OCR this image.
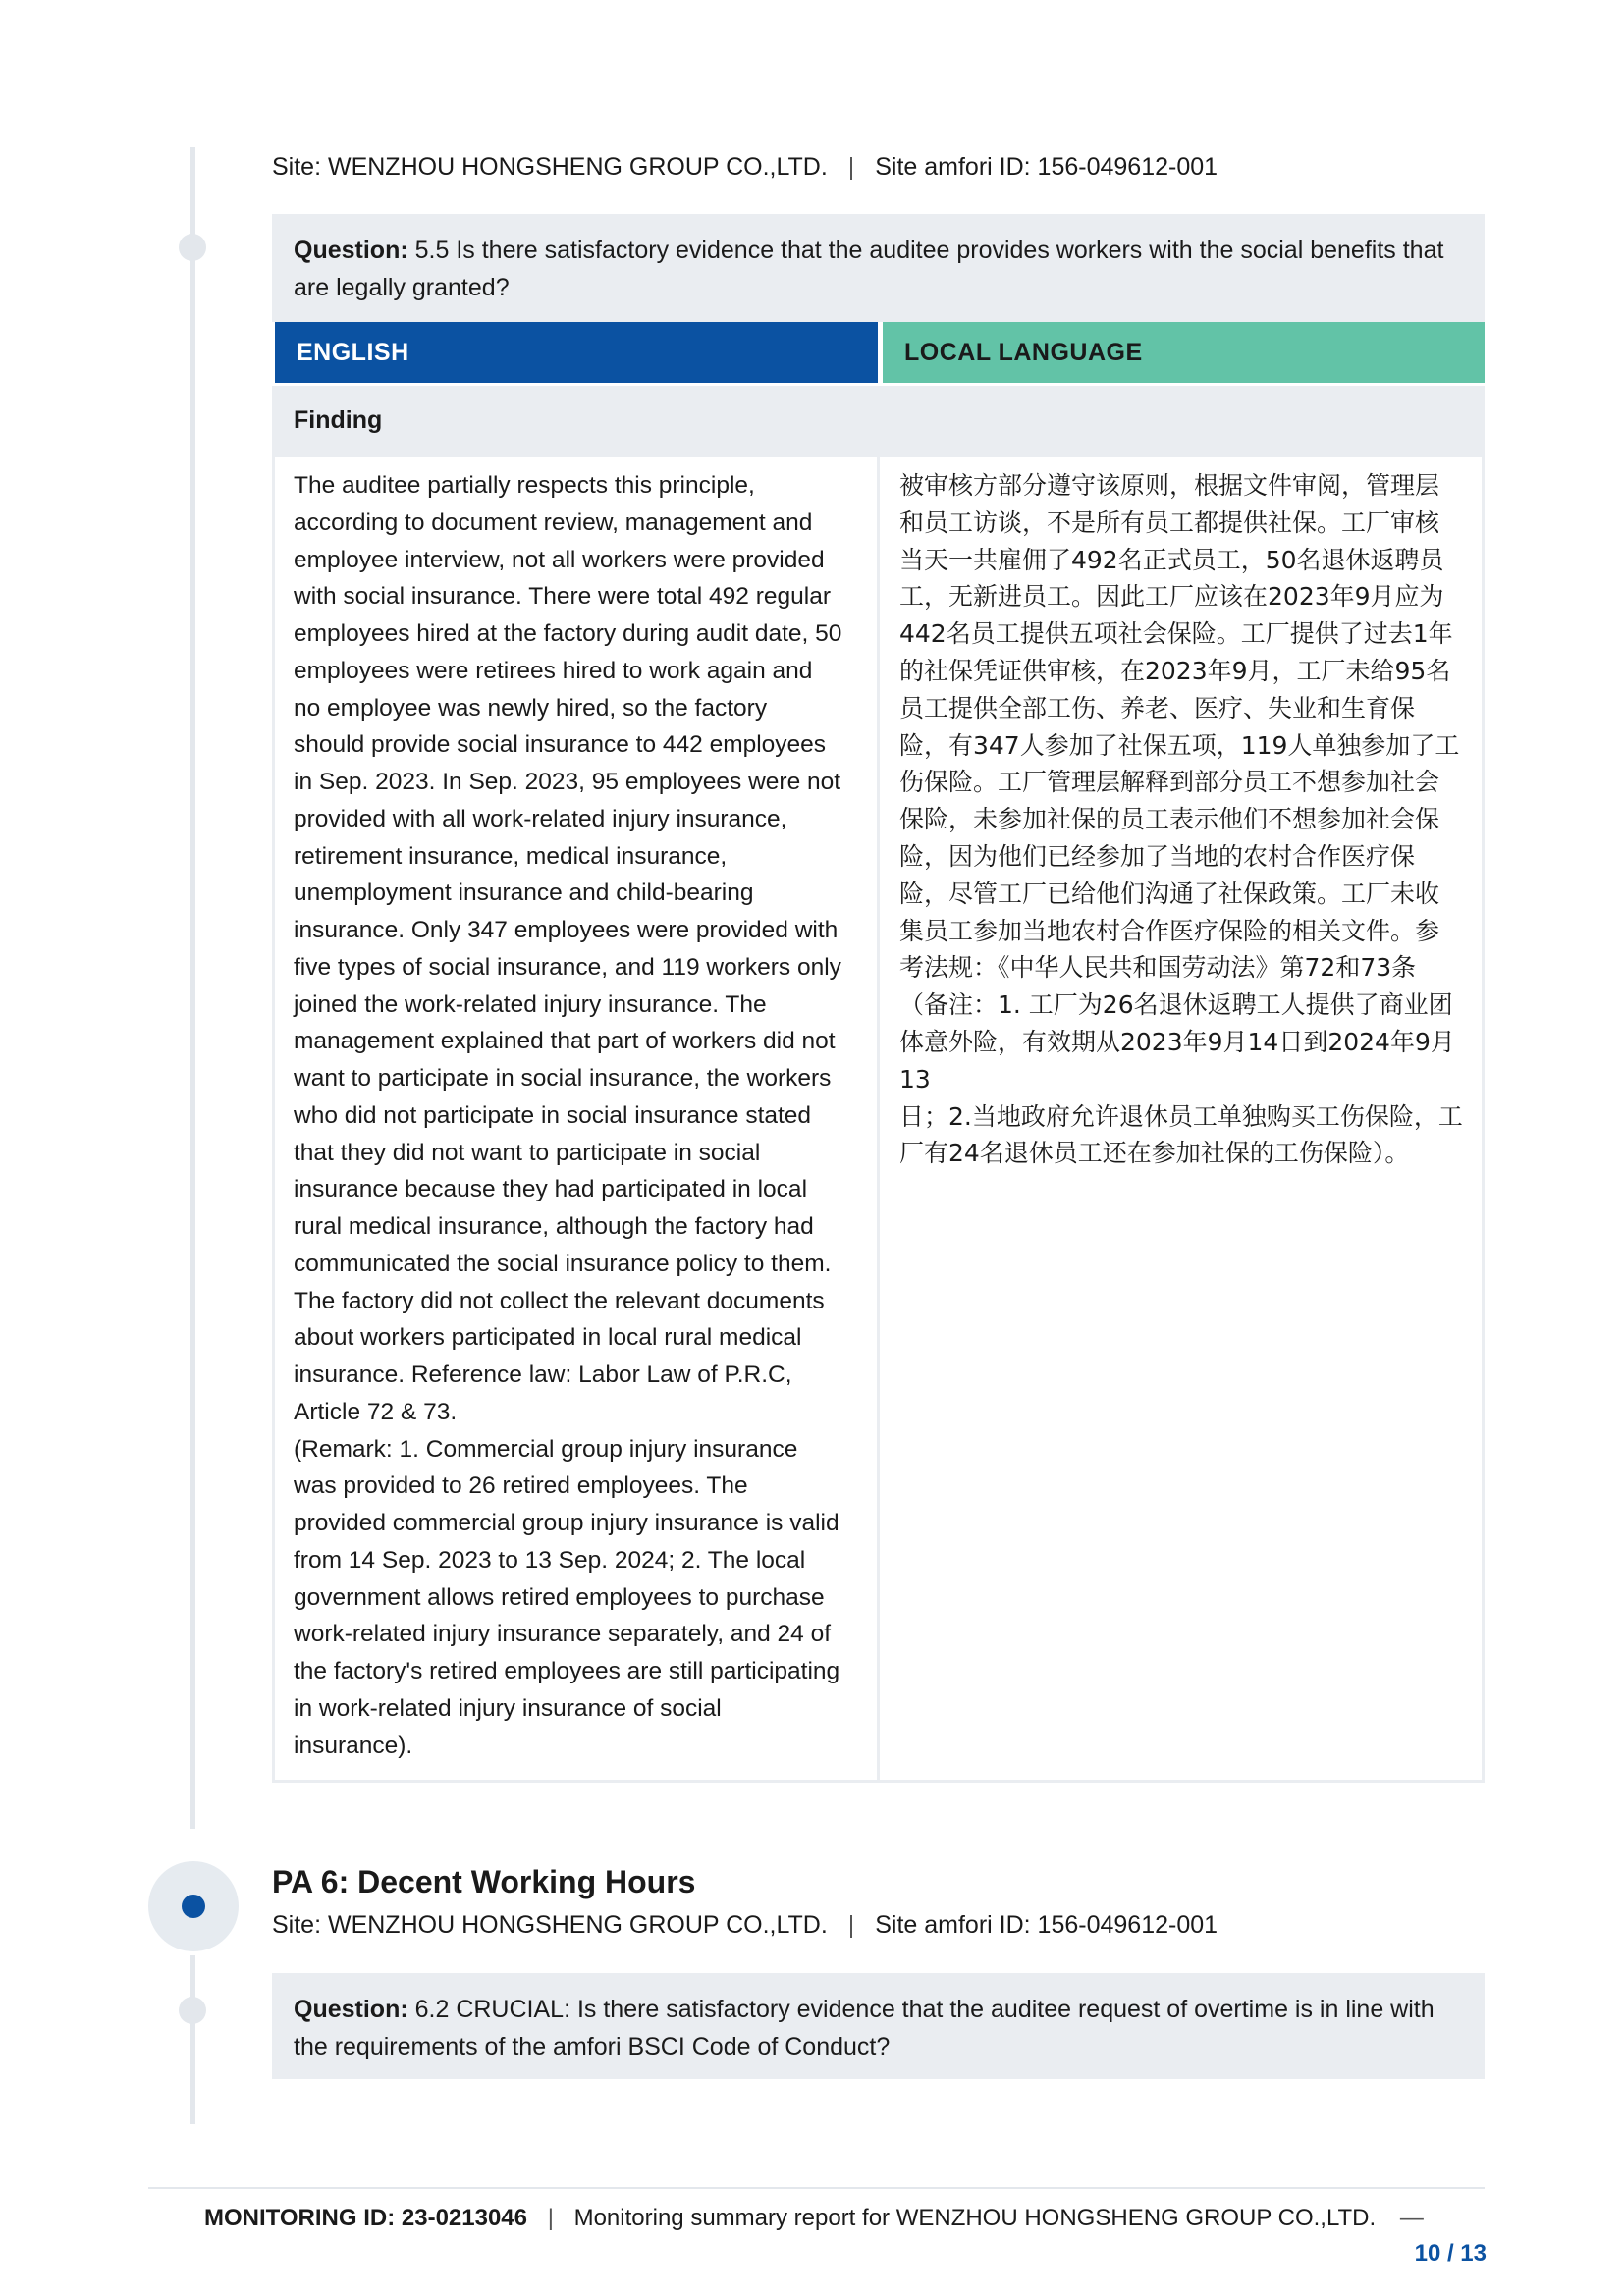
Site: WENZHOU HONGSHENG GROUP CO.,LTD. | Site amfori ID: 156-049612-001
Question: 5.5 Is there satisfactory evidence that the auditee provides workers with the social benefits that are legally granted?
ENGLISH	LOCAL LANGUAGE
Finding
The auditee partially respects this principle,
according to document review, management and
employee interview, not all workers were provided
with social insurance. There were total 492 regular
employees hired at the factory during audit date, 50
employees were retirees hired to work again and
no employee was newly hired, so the factory
should provide social insurance to 442 employees
in Sep. 2023. In Sep. 2023, 95 employees were not
provided with all work-related injury insurance,
retirement insurance, medical insurance,
unemployment insurance and child-bearing
insurance. Only 347 employees were provided with
five types of social insurance, and 119 workers only
joined the work-related injury insurance. The
management explained that part of workers did not
want to participate in social insurance, the workers
who did not participate in social insurance stated
that they did not want to participate in social
insurance because they had participated in local
rural medical insurance, although the factory had
communicated the social insurance policy to them.
The factory did not collect the relevant documents
about workers participated in local rural medical
insurance. Reference law: Labor Law of P.R.C,
Article 72 & 73.
(Remark: 1. Commercial group injury insurance
was provided to 26 retired employees. The
provided commercial group injury insurance is valid
from 14 Sep. 2023 to 13 Sep. 2024; 2. The local
government allows retired employees to purchase
work-related injury insurance separately, and 24 of
the factory's retired employees are still participating
in work-related injury insurance of social
insurance).
被审核方部分遵守该原则，根据文件审阅，管理层
和员工访谈，不是所有员工都提供社保。工厂审核
当天一共雇佣了492名正式员工，50名退休返聘员
工，无新进员工。因此工厂应该在2023年9月应为
442名员工提供五项社会保险。工厂提供了过去1年
的社保凭证供审核，在2023年9月，工厂未给95名
员工提供全部工伤、养老、医疗、失业和生育保
险，有347人参加了社保五项，119人单独参加了工
伤保险。工厂管理层解释到部分员工不想参加社会
保险，未参加社保的员工表示他们不想参加社会保
险，因为他们已经参加了当地的农村合作医疗保
险，尽管工厂已给他们沟通了社保政策。工厂未收
集员工参加当地农村合作医疗保险的相关文件。参
考法规：《中华人民共和国劳动法》第72和73条
（备注：1. 工厂为26名退休返聘工人提供了商业团
体意外险，有效期从2023年9月14日到2024年9月13
日；2.当地政府允许退休员工单独购买工伤保险，工
厂有24名退休员工还在参加社保的工伤保险）。
PA 6: Decent Working Hours
Site: WENZHOU HONGSHENG GROUP CO.,LTD. | Site amfori ID: 156-049612-001
Question: 6.2 CRUCIAL: Is there satisfactory evidence that the auditee request of overtime is in line with the requirements of the amfori BSCI Code of Conduct?
MONITORING ID: 23-0213046 | Monitoring summary report for WENZHOU HONGSHENG GROUP CO.,LTD. —
10 / 13
